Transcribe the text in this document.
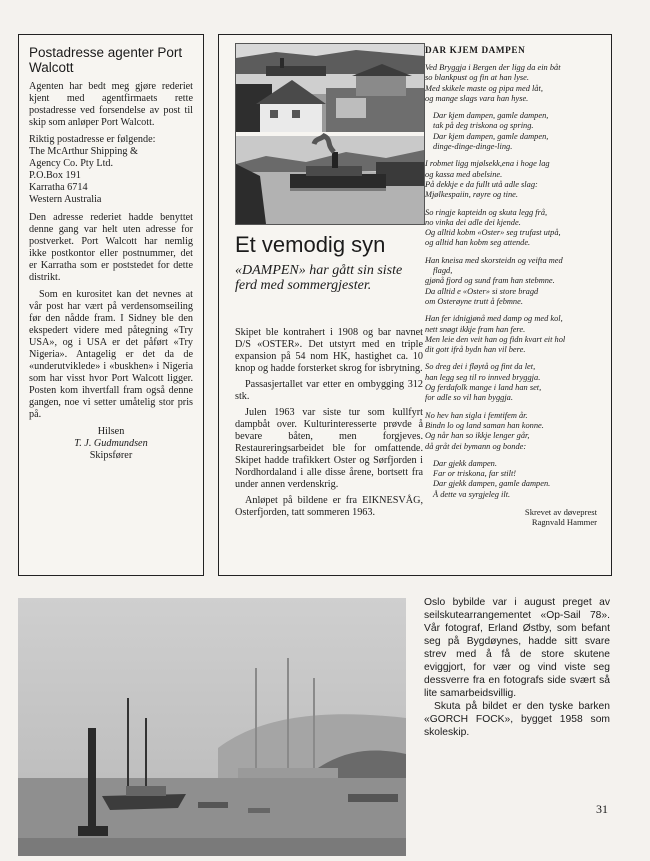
Postadresse agenter Port Walcott

Agenten har bedt meg gjøre rederiet kjent med agentfirmaets rette postadresse ved forsendelse av post til skip som anløper Port Walcott.

Riktig postadresse er følgende:

The McArthur Shipping &
Agency Co. Pty Ltd.
P.O.Box 191
Karratha 6714
Western Australia

Den adresse rederiet hadde benyttet denne gang var helt uten adresse for postverket. Port Walcott har nemlig ikke postkontor eller postnummer, det er Karratha som er poststedet for dette distrikt.

Som en kurositet kan det nevnes at vår post har vært på verdensomseiling før den nådde fram. I Sidney ble den ekspedert videre med påtegning «Try USA», og i USA er det påført «Try Nigeria». Antagelig er det da de «underutviklede» i «buskhen» i Nigeria som har visst hvor Port Walcott ligger. Posten kom ihvertfall fram også denne gangen, noe vi setter umåtelig stor pris på.

Hilsen
T. J. Gudmundsen
Skipsfører
Et vemodig syn

«DAMPEN» har gått sin siste ferd med sommergjester.

Skipet ble kontrahert i 1908 og bar navnet D/S «OSTER». Det utstyrt med en triple expansion på 54 nom HK, hastighet ca. 10 knop og hadde forsterket skrog for isbrytning.

Passasjertallet var etter en ombygging 312 stk.

Julen 1963 var siste tur som kullfyrt dampbåt over. Kulturinteresserte prøvde å bevare båten, men forgjeves. Restaureringsarbeidet ble for omfattende. Skipet hadde trafikkert Oster og Sørfjorden i Nordhordaland i alle disse årene, bortsett fra under annen verdenskrig.

Anløpet på bildene er fra EIKNESVÅG, Osterfjorden, tatt sommeren 1963.

DAR KJEM DAMPEN
Ved Bryggja i Bergen der ligg da ein båt
so blankpust og fin at han lyse.
Med skikele maste og pipa med låt,
og mange slags vara han hyse.
Dar kjem dampen, gamle dampen,
tak på deg triskona og spring.
Dar kjem dampen, gamle dampen,
dinge-dinge-dinge-ling.
I robmet ligg mjølsekk,ena i hoge lag
og kassa med abelsine.
På dekkje e da fullt utå adle slag:
Mjølkespaiin, røyre og tine.
So ringje kapteidn og skuta legg frå,
no vinka dei adle dei kjende.
Og alltid kobm «Oster» seg trufast utpå,
og alltid han kobm seg attende.
Han kneisa med skorsteidn og veifta med
flagd,
gjønå fjord og sund fram han stebmne.
Da alltid e «Oster» si store bragd
om Osterøyne trutt å febmne.
Han fer idnigjønå med damp og med kol,
nett snøgt ikkje fram han fere.
Men leie den veit han og fidn kvart eit hol
dit gott ifrå bydn han vil bere.
So dreg dei i fløytå og fint da let,
han legg seg til ro innved bryggja.
Og ferdafolk mange i land han set,
for adle so vil han byggja.
No hev han sigla i femtifem år.
Bindn lo og land saman han konne.
Og når han so ikkje lenger går,
då gråt dei bymann og bonde:
Dar gjekk dampen.
Far or triskona, far stilt!
Dar gjekk dampen, gamle dampen.
Å dette va syrgjeleg ilt.
Skrevet av døveprest
Ragnvald Hammer

Oslo bybilde var i august preget av seilskutearrangementet «Op-Sail 78». Vår fotograf, Erland Østby, som befant seg på Bygdøynes, hadde sitt svare strev med å få de store skutene eviggjort, for vær og vind viste seg dessverre fra en fotografs side svært så lite samarbeidsvillig.

Skuta på bildet er den tyske barken «GORCH FOCK», bygget 1958 som skoleskip.

31
